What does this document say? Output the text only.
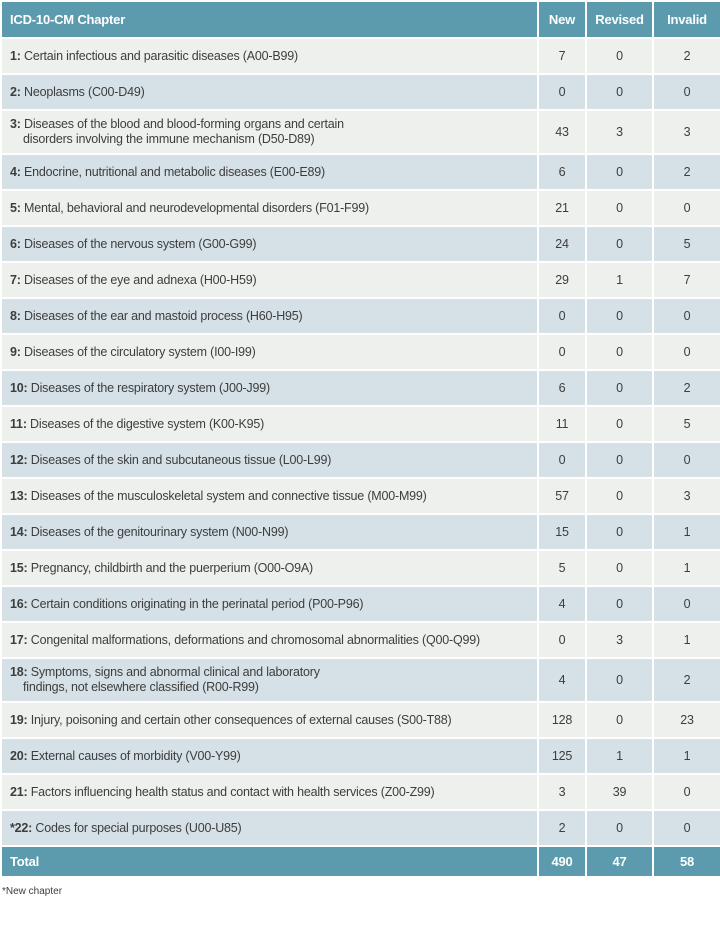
ICD-10-CM Chapter	New	Revised	Invalid
1: Certain infectious and parasitic diseases (A00-B99)	7	0	2
2: Neoplasms (C00-D49)	0	0	0
3: Diseases of the blood and blood-forming organs and certain
disorders involving the immune mechanism (D50-D89)	43	3	3
4: Endocrine, nutritional and metabolic diseases (E00-E89)	6	0	2
5: Mental, behavioral and neurodevelopmental disorders (F01-F99)	21	0	0
6: Diseases of the nervous system (G00-G99)	24	0	5
7: Diseases of the eye and adnexa (H00-H59)	29	1	7
8: Diseases of the ear and mastoid process (H60-H95)	0	0	0
9: Diseases of the circulatory system (I00-I99)	0	0	0
10: Diseases of the respiratory system (J00-J99)	6	0	2
11: Diseases of the digestive system (K00-K95)	11	0	5
12: Diseases of the skin and subcutaneous tissue (L00-L99)	0	0	0
13: Diseases of the musculoskeletal system and connective tissue (M00-M99)	57	0	3
14: Diseases of the genitourinary system (N00-N99)	15	0	1
15: Pregnancy, childbirth and the puerperium (O00-O9A)	5	0	1
16: Certain conditions originating in the perinatal period (P00-P96)	4	0	0
17: Congenital malformations, deformations and chromosomal abnormalities (Q00-Q99)	0	3	1
18: Symptoms, signs and abnormal clinical and laboratory
findings, not elsewhere classified (R00-R99)	4	0	2
19: Injury, poisoning and certain other consequences of external causes (S00-T88)	128	0	23
20: External causes of morbidity (V00-Y99)	125	1	1
21: Factors influencing health status and contact with health services (Z00-Z99)	3	39	0
*22: Codes for special purposes (U00-U85)	2	0	0
Total	490	47	58
*New chapter
